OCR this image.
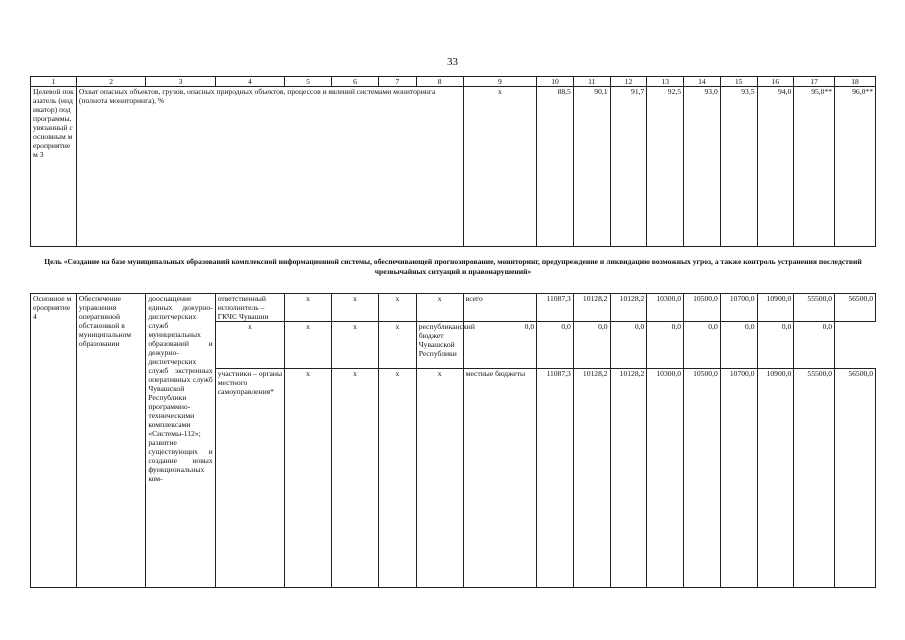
33
1	2	3	4	5	6	7	8	9	10	11	12	13	14	15	16	17	18
Целевой показатель (индикатор) подпрограммы, увязанный с основным мероприятием 3	Охват опасных объектов, грузов, опасных природных объектов, процессов и явлений системами мониторинга (полнота мониторинга), %							х	88,5	90,1	91,7	92,5	93,0	93,5	94,0	95,0**	96,0**
Цель «Создание на базе муниципальных образований комплексной информационной системы, обеспечивающей прогнозирование, мониторинг, предупреждение и ликвидацию возможных угроз, а также контроль устранения последствий чрезвычайных ситуаций и правонарушений»
Основное мероприятие 4	Обеспечение управления оперативной обстановкой в муниципальном образовании	дооснащение единых дежурно-диспетчерских служб муниципальных образований и дежурно-диспетчерских служб экстренных оперативных служб Чувашской Республики программно-техническими комплексами «Системы-112»; развитие существующих и создание новых функциональных ком-	ответственный исполнитель – ГКЧС Чувашии	х	х	х	х	всего	11087,3	10128,2	10128,2	10300,0	10500,0	10700,0	10900,0	55500,0	56500,0
			х	х	х	х	республиканский бюджет Чувашской Республики	0,0	0,0	0,0	0,0	0,0	0,0	0,0	0,0	0,0	
			участники – органы местного самоуправления*	х	х	х	х	местные бюджеты	11087,3	10128,2	10128,2	10300,0	10500,0	10700,0	10900,0	55500,0	56500,0
